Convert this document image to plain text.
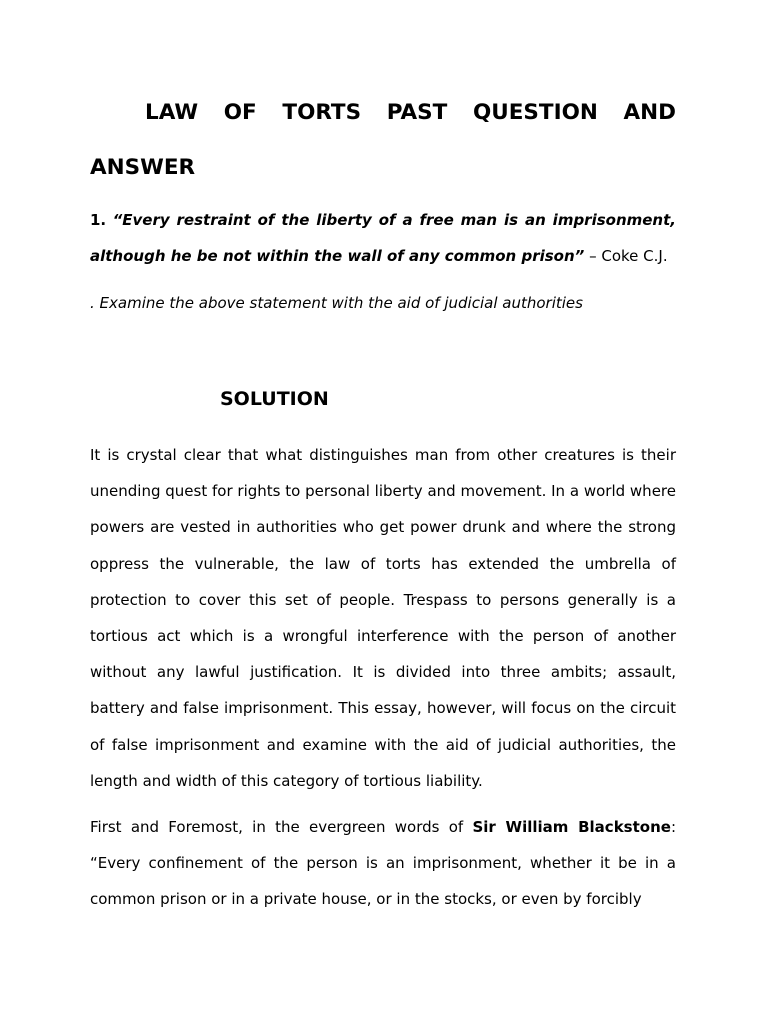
LAW OF TORTS PAST QUESTION AND ANSWER

1. “Every restraint of the liberty of a free man is an imprisonment, although he be not within the wall of any common prison” – Coke C.J.

. Examine the above statement with the aid of judicial authorities

SOLUTION

It is crystal clear that what distinguishes man from other creatures is their unending quest for rights to personal liberty and movement. In a world where powers are vested in authorities who get power drunk and where the strong oppress the vulnerable, the law of torts has extended the umbrella of protection to cover this set of people. Trespass to persons generally is a tortious act which is a wrongful interference with the person of another without any lawful justification. It is divided into three ambits; assault, battery and false imprisonment. This essay, however, will focus on the circuit of false imprisonment and examine with the aid of judicial authorities, the length and width of this category of tortious liability.

First and Foremost, in the evergreen words of Sir William Blackstone: “Every confinement of the person is an imprisonment, whether it be in a common prison or in a private house, or in the stocks, or even by forcibly
